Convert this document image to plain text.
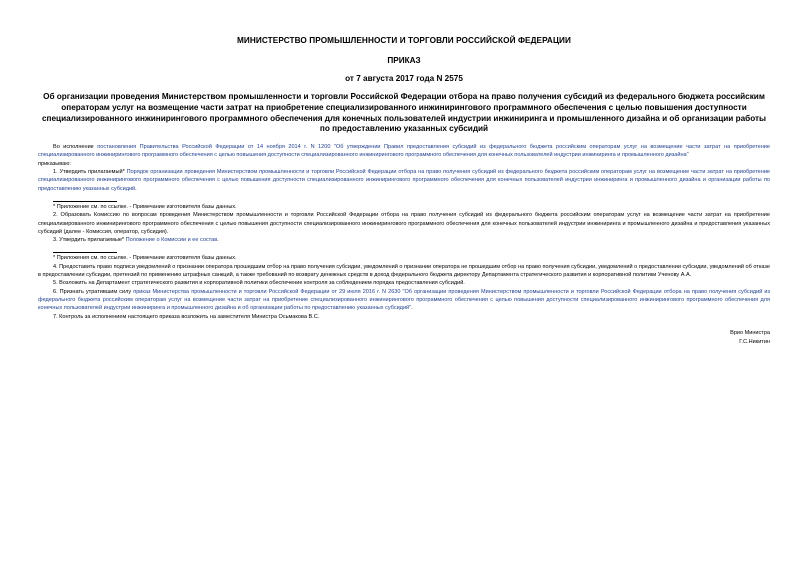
МИНИСТЕРСТВО ПРОМЫШЛЕННОСТИ И ТОРГОВЛИ РОССИЙСКОЙ ФЕДЕРАЦИИ
ПРИКАЗ
от 7 августа 2017 года N 2575
Об организации проведения Министерством промышленности и торговли Российской Федерации отбора на право получения субсидий из федерального бюджета российским операторам услуг на возмещение части затрат на приобретение специализированного инжинирингового программного обеспечения с целью повышения доступности специализированного инжинирингового программного обеспечения для конечных пользователей индустрии инжиниринга и промышленного дизайна и об организации работы по предоставлению указанных субсидий

Во исполнение постановления Правительства Российской Федерации от 14 ноября 2014 г. N 1200 "Об утверждении Правил предоставления субсидий из федерального бюджета российским операторам услуг на возмещение части затрат на приобретение специализированного инжинирингового программного обеспечения с целью повышения доступности специализированного инжинирингового программного обеспечения для конечных пользователей индустрии инжиниринга и промышленного дизайна"

приказываю:

1. Утвердить прилагаемый* Порядок организации проведения Министерством промышленности и торговли Российской Федерации отбора на право получения субсидий из федерального бюджета российским операторам услуг на возмещение части затрат на приобретение специализированного инжинирингового программного обеспечения с целью повышения доступности специализированного инжинирингового программного обеспечения для конечных пользователей индустрии инжиниринга и промышленного дизайна и организации работы по предоставлению указанных субсидий.

* Приложение см. по ссылке. - Примечание изготовителя базы данных.

2. Образовать Комиссию по вопросам проведения Министерством промышленности и торговли Российской Федерации отбора на право получения субсидий из федерального бюджета российским операторам услуг на возмещение части затрат на приобретение специализированного инжинирингового программного обеспечения с целью повышения доступности специализированного инжинирингового программного обеспечения для конечных пользователей индустрии инжиниринга и промышленного дизайна и предоставления указанных субсидий (далее - Комиссия, оператор, субсидия).

3. Утвердить прилагаемые* Положение о Комиссии и ее состав.

* Приложения см. по ссылке. - Примечание изготовителя базы данных.

4. Предоставить право подписи уведомлений о признании оператора прошедшим отбор на право получения субсидии, уведомлений о признании оператора не прошедшим отбор на право получения субсидии, уведомлений о предоставлении субсидии, уведомлений об отказе в предоставлении субсидии, претензий по применению штрафных санкций, а также требований по возврату денежных средств в доход федерального бюджета директору Департамента стратегического развития и корпоративной политики Ученову А.А.

5. Возложить на Департамент стратегического развития и корпоративной политики обеспечение контроля за соблюдением порядка предоставления субсидий.

6. Признать утратившим силу приказ Министерства промышленности и торговли Российской Федерации от 29 июля 2016 г. N 2630 "Об организации проведения Министерством промышленности и торговли Российской Федерации отбора на право получения субсидий из федерального бюджета российским операторам услуг на возмещение части затрат на приобретение специализированного инжинирингового программного обеспечения с целью повышения доступности специализированного инжинирингового программного обеспечения для конечных пользователей индустрии инжиниринга и промышленного дизайна и об организации работы по предоставлению указанных субсидий".

7. Контроль за исполнением настоящего приказа возложить на заместителя Министра Осьмакова В.С.

Врио Министра
Г.С.Никитин
